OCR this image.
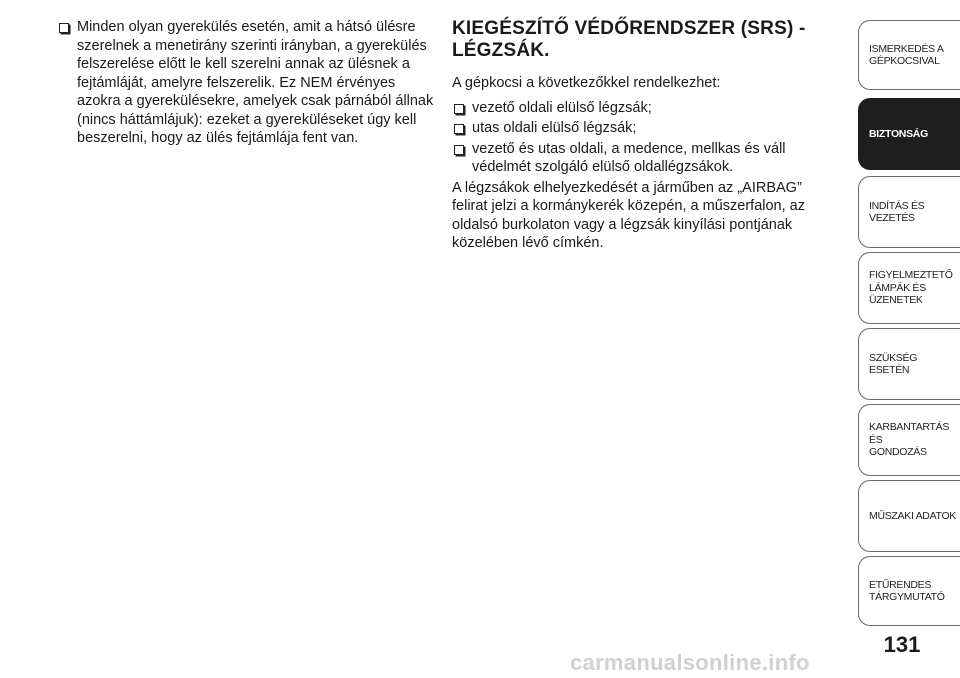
Minden olyan gyerekülés esetén, amit a hátsó ülésre szerelnek a menetirány szerinti irányban, a gyerekülés felszerelése előtt le kell szerelni annak az ülésnek a fejtámláját, amelyre felszerelik. Ez NEM érvényes azokra a gyerekülésekre, amelyek csak párnából állnak (nincs háttámlájuk): ezeket a gyereküléseket úgy kell beszerelni, hogy az ülés fejtámlája fent van.
KIEGÉSZÍTŐ VÉDŐRENDSZER (SRS) - LÉGZSÁK.
A gépkocsi a következőkkel rendelkezhet:
vezető oldali elülső légzsák;
utas oldali elülső légzsák;
vezető és utas oldali, a medence, mellkas és váll védelmét szolgáló elülső oldallégzsákok.
A légzsákok elhelyezkedését a járműben az „AIRBAG” felirat jelzi a kormánykerék közepén, a műszerfalon, az oldalsó burkolaton vagy a légzsák kinyílási pontjának közelében lévő címkén.
ISMERKEDÉS A
GÉPKOCSIVAL
BIZTONSÁG
INDÍTÁS ÉS VEZETÉS
FIGYELMEZTETŐ
LÁMPÁK ÉS
ÜZENETEK
SZÜKSÉG ESETÉN
KARBANTARTÁS ÉS
GONDOZÁS
MŰSZAKI ADATOK
ETŰRENDES
TÁRGYMUTATÓ
131
carmanualsonline.info
